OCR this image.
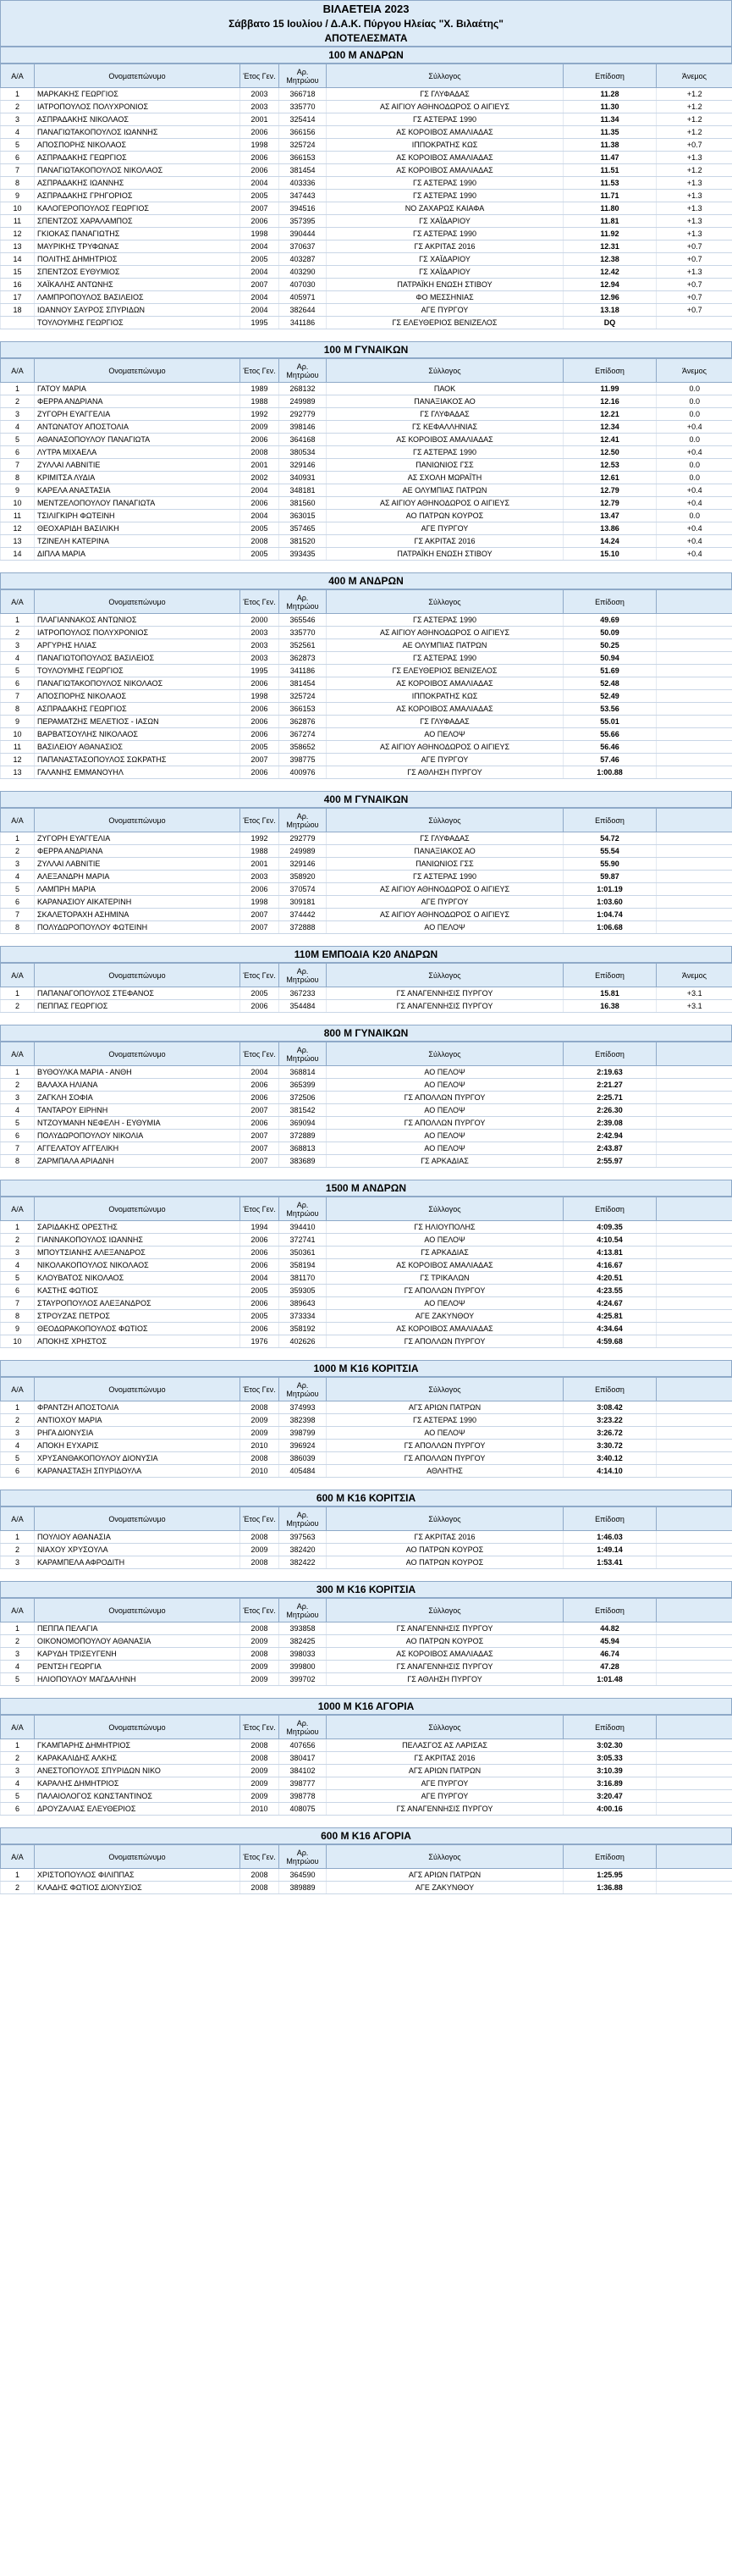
ΒΙΛΑΕΤΕΙΑ 2023
Σάββατο 15 Ιουλίου / Δ.Α.Κ. Πύργου Ηλείας "Χ. Βιλαέτης"
ΑΠΟΤΕΛΕΣΜΑΤΑ
100 Μ ΑΝΔΡΩΝ
Α/Α	Ονοματεπώνυμο	Έτος Γεν.	Αρ. Μητρώου	Σύλλογος	Επίδοση	Άνεμος
1	ΜΑΡΚΑΚΗΣ ΓΕΩΡΓΙΟΣ	2003	366718	ΓΣ ΓΛΥΦΑΔΑΣ	11.28	+1.2
2	ΙΑΤΡΟΠΟΥΛΟΣ ΠΟΛΥΧΡΟΝΙΟΣ	2003	335770	ΑΣ ΑΙΓΙΟΥ ΑΘΗΝΟΔΩΡΟΣ Ο ΑΙΓΙΕΥΣ	11.30	+1.2
3	ΑΣΠΡΑΔΑΚΗΣ ΝΙΚΟΛΑΟΣ	2001	325414	ΓΣ ΑΣΤΕΡΑΣ 1990	11.34	+1.2
4	ΠΑΝΑΓΙΩΤΑΚΟΠΟΥΛΟΣ ΙΩΑΝΝΗΣ	2006	366156	ΑΣ ΚΟΡΟΙΒΟΣ ΑΜΑΛΙΑΔΑΣ	11.35	+1.2
5	ΑΠΟΣΠΟΡΗΣ ΝΙΚΟΛΑΟΣ	1998	325724	ΙΠΠΟΚΡΑΤΗΣ ΚΩΣ	11.38	+0.7
6	ΑΣΠΡΑΔΑΚΗΣ ΓΕΩΡΓΙΟΣ	2006	366153	ΑΣ ΚΟΡΟΙΒΟΣ ΑΜΑΛΙΑΔΑΣ	11.47	+1.3
7	ΠΑΝΑΓΙΩΤΑΚΟΠΟΥΛΟΣ ΝΙΚΟΛΑΟΣ	2006	381454	ΑΣ ΚΟΡΟΙΒΟΣ ΑΜΑΛΙΑΔΑΣ	11.51	+1.2
8	ΑΣΠΡΑΔΑΚΗΣ ΙΩΑΝΝΗΣ	2004	403336	ΓΣ ΑΣΤΕΡΑΣ 1990	11.53	+1.3
9	ΑΣΠΡΑΔΑΚΗΣ ΓΡΗΓΟΡΙΟΣ	2005	347443	ΓΣ ΑΣΤΕΡΑΣ 1990	11.71	+1.3
10	ΚΑΛΟΓΕΡΟΠΟΥΛΟΣ ΓΕΩΡΓΙΟΣ	2007	394516	ΝΟ ΖΑΧΑΡΩΣ ΚΑΙΑΦΑ	11.80	+1.3
11	ΣΠΕΝΤΖΟΣ ΧΑΡΑΛΑΜΠΟΣ	2006	357395	ΓΣ ΧΑΪΔΑΡΙΟΥ	11.81	+1.3
12	ΓΚΙΟΚΑΣ ΠΑΝΑΓΙΩΤΗΣ	1998	390444	ΓΣ ΑΣΤΕΡΑΣ 1990	11.92	+1.3
13	ΜΑΥΡΙΚΗΣ ΤΡΥΦΩΝΑΣ	2004	370637	ΓΣ ΑΚΡΙΤΑΣ 2016	12.31	+0.7
14	ΠΟΛΙΤΗΣ ΔΗΜΗΤΡΙΟΣ	2005	403287	ΓΣ ΧΑΪΔΑΡΙΟΥ	12.38	+0.7
15	ΣΠΕΝΤΖΟΣ ΕΥΘΥΜΙΟΣ	2004	403290	ΓΣ ΧΑΪΔΑΡΙΟΥ	12.42	+1.3
16	ΧΑΪΚΑΛΗΣ ΑΝΤΩΝΗΣ	2007	407030	ΠΑΤΡΑΪΚΗ ΕΝΩΣΗ ΣΤΙΒΟΥ	12.94	+0.7
17	ΛΑΜΠΡΟΠΟΥΛΟΣ ΒΑΣΙΛΕΙΟΣ	2004	405971	ΦΟ ΜΕΣΣΗΝΙΑΣ	12.96	+0.7
18	ΙΩΑΝΝΟΥ ΣΑΥΡΟΣ ΣΠΥΡΙΔΩΝ	2004	382644	ΑΓΕ ΠΥΡΓΟΥ	13.18	+0.7
	ΤΟΥΛΟΥΜΗΣ ΓΕΩΡΓΙΟΣ	1995	341186	ΓΣ ΕΛΕΥΘΕΡΙΟΣ ΒΕΝΙΖΕΛΟΣ	DQ	
100 Μ ΓΥΝΑΙΚΩΝ
Α/Α	Ονοματεπώνυμο	Έτος Γεν.	Αρ. Μητρώου	Σύλλογος	Επίδοση	Άνεμος
1	ΓΑΤΟΥ ΜΑΡΙΑ	1989	268132	ΠΑΟΚ	11.99	0.0
2	ΦΕΡΡΑ ΑΝΔΡΙΑΝΑ	1988	249989	ΠΑΝΑΞΙΑΚΟΣ ΑΟ	12.16	0.0
3	ΖΥΓΟΡΗ ΕΥΑΓΓΕΛΙΑ	1992	292779	ΓΣ ΓΛΥΦΑΔΑΣ	12.21	0.0
4	ΑΝΤΩΝΑΤΟΥ ΑΠΟΣΤΟΛΙΑ	2009	398146	ΓΣ ΚΕΦΑΛΛΗΝΙΑΣ	12.34	+0.4
5	ΑΘΑΝΑΣΟΠΟΥΛΟΥ ΠΑΝΑΓΙΩΤΑ	2006	364168	ΑΣ ΚΟΡΟΙΒΟΣ ΑΜΑΛΙΑΔΑΣ	12.41	0.0
6	ΛΥΤΡΑ ΜΙΧΑΕΛΑ	2008	380534	ΓΣ ΑΣΤΕΡΑΣ 1990	12.50	+0.4
7	ΖΥΛΛΑΙ ΛΑΒΝΙΤΙΕ	2001	329146	ΠΑΝΙΩΝΙΟΣ ΓΣΣ	12.53	0.0
8	ΚΡΙΜΙΤΣΑ ΛΥΔΙΑ	2002	340931	ΑΣ ΣΧΟΛΗ ΜΩΡΑΪΤΗ	12.61	0.0
9	ΚΑΡΕΛΑ ΑΝΑΣΤΑΣΙΑ	2004	348181	ΑΕ ΟΛΥΜΠΙΑΣ ΠΑΤΡΩΝ	12.79	+0.4
10	ΜΕΝΤΖΕΛΟΠΟΥΛΟΥ ΠΑΝΑΓΙΩΤΑ	2006	381560	ΑΣ ΑΙΓΙΟΥ ΑΘΗΝΟΔΩΡΟΣ Ο ΑΙΓΙΕΥΣ	12.79	+0.4
11	ΤΣΙΛΙΓΚΙΡΗ ΦΩΤΕΙΝΗ	2004	363015	ΑΟ ΠΑΤΡΩΝ ΚΟΥΡΟΣ	13.47	0.0
12	ΘΕΟΧΑΡΙΔΗ ΒΑΣΙΛΙΚΗ	2005	357465	ΑΓΕ ΠΥΡΓΟΥ	13.86	+0.4
13	ΤΖΙΝΕΛΗ ΚΑΤΕΡΙΝΑ	2008	381520	ΓΣ ΑΚΡΙΤΑΣ 2016	14.24	+0.4
14	ΔΙΠΛΑ ΜΑΡΙΑ	2005	393435	ΠΑΤΡΑΪΚΗ ΕΝΩΣΗ ΣΤΙΒΟΥ	15.10	+0.4
400 Μ ΑΝΔΡΩΝ
Α/Α	Ονοματεπώνυμο	Έτος Γεν.	Αρ. Μητρώου	Σύλλογος	Επίδοση	
1	ΠΛΑΓΙΑΝΝΑΚΟΣ ΑΝΤΩΝΙΟΣ	2000	365546	ΓΣ ΑΣΤΕΡΑΣ 1990	49.69	
2	ΙΑΤΡΟΠΟΥΛΟΣ ΠΟΛΥΧΡΟΝΙΟΣ	2003	335770	ΑΣ ΑΙΓΙΟΥ ΑΘΗΝΟΔΩΡΟΣ Ο ΑΙΓΙΕΥΣ	50.09	
3	ΑΡΓΥΡΗΣ ΗΛΙΑΣ	2003	352561	ΑΕ ΟΛΥΜΠΙΑΣ ΠΑΤΡΩΝ	50.25	
4	ΠΑΝΑΓΙΩΤΟΠΟΥΛΟΣ ΒΑΣΙΛΕΙΟΣ	2003	362873	ΓΣ ΑΣΤΕΡΑΣ 1990	50.94	
5	ΤΟΥΛΟΥΜΗΣ ΓΕΩΡΓΙΟΣ	1995	341186	ΓΣ ΕΛΕΥΘΕΡΙΟΣ ΒΕΝΙΖΕΛΟΣ	51.69	
6	ΠΑΝΑΓΙΩΤΑΚΟΠΟΥΛΟΣ ΝΙΚΟΛΑΟΣ	2006	381454	ΑΣ ΚΟΡΟΙΒΟΣ ΑΜΑΛΙΑΔΑΣ	52.48	
7	ΑΠΟΣΠΟΡΗΣ ΝΙΚΟΛΑΟΣ	1998	325724	ΙΠΠΟΚΡΑΤΗΣ ΚΩΣ	52.49	
8	ΑΣΠΡΑΔΑΚΗΣ ΓΕΩΡΓΙΟΣ	2006	366153	ΑΣ ΚΟΡΟΙΒΟΣ ΑΜΑΛΙΑΔΑΣ	53.56	
9	ΠΕΡΑΜΑΤΖΗΣ ΜΕΛΕΤΙΟΣ - ΙΑΣΩΝ	2006	362876	ΓΣ ΓΛΥΦΑΔΑΣ	55.01	
10	ΒΑΡΒΑΤΣΟΥΛΗΣ ΝΙΚΟΛΑΟΣ	2006	367274	ΑΟ ΠΕΛΟΨ	55.66	
11	ΒΑΣΙΛΕΙΟΥ ΑΘΑΝΑΣΙΟΣ	2005	358652	ΑΣ ΑΙΓΙΟΥ ΑΘΗΝΟΔΩΡΟΣ Ο ΑΙΓΙΕΥΣ	56.46	
12	ΠΑΠΑΝΑΣΤΑΣΟΠΟΥΛΟΣ ΣΩΚΡΑΤΗΣ	2007	398775	ΑΓΕ ΠΥΡΓΟΥ	57.46	
13	ΓΑΛΑΝΗΣ ΕΜΜΑΝΟΥΗΛ	2006	400976	ΓΣ ΑΘΛΗΣΗ ΠΥΡΓΟΥ	1:00.88	
400 Μ ΓΥΝΑΙΚΩΝ
Α/Α	Ονοματεπώνυμο	Έτος Γεν.	Αρ. Μητρώου	Σύλλογος	Επίδοση	
1	ΖΥΓΟΡΗ ΕΥΑΓΓΕΛΙΑ	1992	292779	ΓΣ ΓΛΥΦΑΔΑΣ	54.72	
2	ΦΕΡΡΑ ΑΝΔΡΙΑΝΑ	1988	249989	ΠΑΝΑΞΙΑΚΟΣ ΑΟ	55.54	
3	ΖΥΛΛΑΙ ΛΑΒΝΙΤΙΕ	2001	329146	ΠΑΝΙΩΝΙΟΣ ΓΣΣ	55.90	
4	ΑΛΕΞΑΝΔΡΗ ΜΑΡΙΑ	2003	358920	ΓΣ ΑΣΤΕΡΑΣ 1990	59.87	
5	ΛΑΜΠΡΗ ΜΑΡΙΑ	2006	370574	ΑΣ ΑΙΓΙΟΥ ΑΘΗΝΟΔΩΡΟΣ Ο ΑΙΓΙΕΥΣ	1:01.19	
6	ΚΑΡΑΝΑΣΙΟΥ ΑΙΚΑΤΕΡΙΝΗ	1998	309181	ΑΓΕ ΠΥΡΓΟΥ	1:03.60	
7	ΣΚΑΛΕΤΟΡΑΧΗ ΑΣΗΜΙΝΑ	2007	374442	ΑΣ ΑΙΓΙΟΥ ΑΘΗΝΟΔΩΡΟΣ Ο ΑΙΓΙΕΥΣ	1:04.74	
8	ΠΟΛΥΔΩΡΟΠΟΥΛΟΥ ΦΩΤΕΙΝΗ	2007	372888	ΑΟ ΠΕΛΟΨ	1:06.68	
110Μ ΕΜΠΟΔΙΑ Κ20 ΑΝΔΡΩΝ
Α/Α	Ονοματεπώνυμο	Έτος Γεν.	Αρ. Μητρώου	Σύλλογος	Επίδοση	Άνεμος
1	ΠΑΠΑΝΑΓΟΠΟΥΛΟΣ ΣΤΕΦΑΝΟΣ	2005	367233	ΓΣ ΑΝΑΓΕΝΝΗΣΙΣ ΠΥΡΓΟΥ	15.81	+3.1
2	ΠΕΠΠΑΣ ΓΕΩΡΓΙΟΣ	2006	354484	ΓΣ ΑΝΑΓΕΝΝΗΣΙΣ ΠΥΡΓΟΥ	16.38	+3.1
800 Μ ΓΥΝΑΙΚΩΝ
Α/Α	Ονοματεπώνυμο	Έτος Γεν.	Αρ. Μητρώου	Σύλλογος	Επίδοση	
1	ΒΥΘΟΥΛΚΑ ΜΑΡΙΑ - ΑΝΘΗ	2004	368814	ΑΟ ΠΕΛΟΨ	2:19.63	
2	ΒΑΛΑΧΑ ΗΛΙΑΝΑ	2006	365399	ΑΟ ΠΕΛΟΨ	2:21.27	
3	ΖΑΓΚΛΗ ΣΟΦΙΑ	2006	372506	ΓΣ ΑΠΟΛΛΩΝ ΠΥΡΓΟΥ	2:25.71	
4	ΤΑΝΤΑΡΟΥ ΕΙΡΗΝΗ	2007	381542	ΑΟ ΠΕΛΟΨ	2:26.30	
5	ΝΤΖΟΥΜΑΝΗ ΝΕΦΕΛΗ - ΕΥΘΥΜΙΑ	2006	369094	ΓΣ ΑΠΟΛΛΩΝ ΠΥΡΓΟΥ	2:39.08	
6	ΠΟΛΥΔΩΡΟΠΟΥΛΟΥ ΝΙΚΟΛΙΑ	2007	372889	ΑΟ ΠΕΛΟΨ	2:42.94	
7	ΑΓΓΕΛΑΤΟΥ ΑΓΓΕΛΙΚΗ	2007	368813	ΑΟ ΠΕΛΟΨ	2:43.87	
8	ΖΑΡΜΠΑΛΑ ΑΡΙΑΔΝΗ	2007	383689	ΓΣ ΑΡΚΑΔΙΑΣ	2:55.97	
1500 Μ ΑΝΔΡΩΝ
Α/Α	Ονοματεπώνυμο	Έτος Γεν.	Αρ. Μητρώου	Σύλλογος	Επίδοση	
1	ΣΑΡΙΔΑΚΗΣ ΟΡΕΣΤΗΣ	1994	394410	ΓΣ ΗΛΙΟΥΠΟΛΗΣ	4:09.35	
2	ΓΙΑΝΝΑΚΟΠΟΥΛΟΣ ΙΩΑΝΝΗΣ	2006	372741	ΑΟ ΠΕΛΟΨ	4:10.54	
3	ΜΠΟΥΤΣΙΑΝΗΣ ΑΛΕΞΑΝΔΡΟΣ	2006	350361	ΓΣ ΑΡΚΑΔΙΑΣ	4:13.81	
4	ΝΙΚΟΛΑΚΟΠΟΥΛΟΣ ΝΙΚΟΛΑΟΣ	2006	358194	ΑΣ ΚΟΡΟΙΒΟΣ ΑΜΑΛΙΑΔΑΣ	4:16.67	
5	ΚΛΟΥΒΑΤΟΣ ΝΙΚΟΛΑΟΣ	2004	381170	ΓΣ ΤΡΙΚΑΛΩΝ	4:20.51	
6	ΚΑΣΤΗΣ ΦΩΤΙΟΣ	2005	359305	ΓΣ ΑΠΟΛΛΩΝ ΠΥΡΓΟΥ	4:23.55	
7	ΣΤΑΥΡΟΠΟΥΛΟΣ ΑΛΕΞΑΝΔΡΟΣ	2006	389643	ΑΟ ΠΕΛΟΨ	4:24.67	
8	ΣΤΡΟΥΖΑΣ ΠΕΤΡΟΣ	2005	373334	ΑΓΕ ΖΑΚΥΝΘΟΥ	4:25.81	
9	ΘΕΟΔΩΡΑΚΟΠΟΥΛΟΣ ΦΩΤΙΟΣ	2006	358192	ΑΣ ΚΟΡΟΙΒΟΣ ΑΜΑΛΙΑΔΑΣ	4:34.64	
10	ΑΠΟΚΗΣ ΧΡΗΣΤΟΣ	1976	402626	ΓΣ ΑΠΟΛΛΩΝ ΠΥΡΓΟΥ	4:59.68	
1000 Μ Κ16 ΚΟΡΙΤΣΙΑ
Α/Α	Ονοματεπώνυμο	Έτος Γεν.	Αρ. Μητρώου	Σύλλογος	Επίδοση	
1	ΦΡΑΝΤΖΗ ΑΠΟΣΤΟΛΙΑ	2008	374993	ΑΓΣ ΑΡΙΩΝ ΠΑΤΡΩΝ	3:08.42	
2	ΑΝΤΙΟΧΟΥ ΜΑΡΙΑ	2009	382398	ΓΣ ΑΣΤΕΡΑΣ 1990	3:23.22	
3	ΡΗΓΑ ΔΙΟΝΥΣΙΑ	2009	398799	ΑΟ ΠΕΛΟΨ	3:26.72	
4	ΑΠΟΚΗ ΕΥΧΑΡΙΣ	2010	396924	ΓΣ ΑΠΟΛΛΩΝ ΠΥΡΓΟΥ	3:30.72	
5	ΧΡΥΣΑΝΘΑΚΟΠΟΥΛΟΥ ΔΙΟΝΥΣΙΑ	2008	386039	ΓΣ ΑΠΟΛΛΩΝ ΠΥΡΓΟΥ	3:40.12	
6	ΚΑΡΑΝΑΣΤΑΣΗ ΣΠΥΡΙΔΟΥΛΑ	2010	405484	ΑΘΛΗΤΗΣ	4:14.10	
600 Μ Κ16 ΚΟΡΙΤΣΙΑ
Α/Α	Ονοματεπώνυμο	Έτος Γεν.	Αρ. Μητρώου	Σύλλογος	Επίδοση	
1	ΠΟΥΛΙΟΥ ΑΘΑΝΑΣΙΑ	2008	397563	ΓΣ ΑΚΡΙΤΑΣ 2016	1:46.03	
2	ΝΙΑΧΟΥ ΧΡΥΣΟΥΛΑ	2009	382420	ΑΟ ΠΑΤΡΩΝ ΚΟΥΡΟΣ	1:49.14	
3	ΚΑΡΑΜΠΕΛΑ ΑΦΡΟΔΙΤΗ	2008	382422	ΑΟ ΠΑΤΡΩΝ ΚΟΥΡΟΣ	1:53.41	
300 Μ Κ16 ΚΟΡΙΤΣΙΑ
Α/Α	Ονοματεπώνυμο	Έτος Γεν.	Αρ. Μητρώου	Σύλλογος	Επίδοση	
1	ΠΕΠΠΑ ΠΕΛΑΓΙΑ	2008	393858	ΓΣ ΑΝΑΓΕΝΝΗΣΙΣ ΠΥΡΓΟΥ	44.82	
2	ΟΙΚΟΝΟΜΟΠΟΥΛΟΥ ΑΘΑΝΑΣΙΑ	2009	382425	ΑΟ ΠΑΤΡΩΝ ΚΟΥΡΟΣ	45.94	
3	ΚΑΡΥΔΗ ΤΡΙΣΕΥΓΕΝΗ	2008	398033	ΑΣ ΚΟΡΟΙΒΟΣ ΑΜΑΛΙΑΔΑΣ	46.74	
4	ΡΕΝΤΣΗ ΓΕΩΡΓΙΑ	2009	399800	ΓΣ ΑΝΑΓΕΝΝΗΣΙΣ ΠΥΡΓΟΥ	47.28	
5	ΗΛΙΟΠΟΥΛΟΥ ΜΑΓΔΑΛΗΝΗ	2009	399702	ΓΣ ΑΘΛΗΣΗ ΠΥΡΓΟΥ	1:01.48	
1000 Μ Κ16 ΑΓΟΡΙΑ
Α/Α	Ονοματεπώνυμο	Έτος Γεν.	Αρ. Μητρώου	Σύλλογος	Επίδοση	
1	ΓΚΑΜΠΑΡΗΣ ΔΗΜΗΤΡΙΟΣ	2008	407656	ΠΕΛΑΣΓΟΣ ΑΣ ΛΑΡΙΣΑΣ	3:02.30	
2	ΚΑΡΑΚΑΛΙΔΗΣ ΑΛΚΗΣ	2008	380417	ΓΣ ΑΚΡΙΤΑΣ 2016	3:05.33	
3	ΑΝΕΣΤΟΠΟΥΛΟΣ ΣΠΥΡΙΔΩΝ ΝΙΚΟ	2009	384102	ΑΓΣ ΑΡΙΩΝ ΠΑΤΡΩΝ	3:10.39	
4	ΚΑΡΑΛΗΣ ΔΗΜΗΤΡΙΟΣ	2009	398777	ΑΓΕ ΠΥΡΓΟΥ	3:16.89	
5	ΠΑΛΑΙΟΛΟΓΟΣ ΚΩΝΣΤΑΝΤΙΝΟΣ	2009	398778	ΑΓΕ ΠΥΡΓΟΥ	3:20.47	
6	ΔΡΟΥΖΑΛΙΑΣ ΕΛΕΥΘΕΡΙΟΣ	2010	408075	ΓΣ ΑΝΑΓΕΝΝΗΣΙΣ ΠΥΡΓΟΥ	4:00.16	
600 Μ Κ16 ΑΓΟΡΙΑ
Α/Α	Ονοματεπώνυμο	Έτος Γεν.	Αρ. Μητρώου	Σύλλογος	Επίδοση	
1	ΧΡΙΣΤΟΠΟΥΛΟΣ ΦΙΛΙΠΠΑΣ	2008	364590	ΑΓΣ ΑΡΙΩΝ ΠΑΤΡΩΝ	1:25.95	
2	ΚΛΑΔΗΣ ΦΩΤΙΟΣ ΔΙΟΝΥΣΙΟΣ	2008	389889	ΑΓΕ ΖΑΚΥΝΘΟΥ	1:36.88	
